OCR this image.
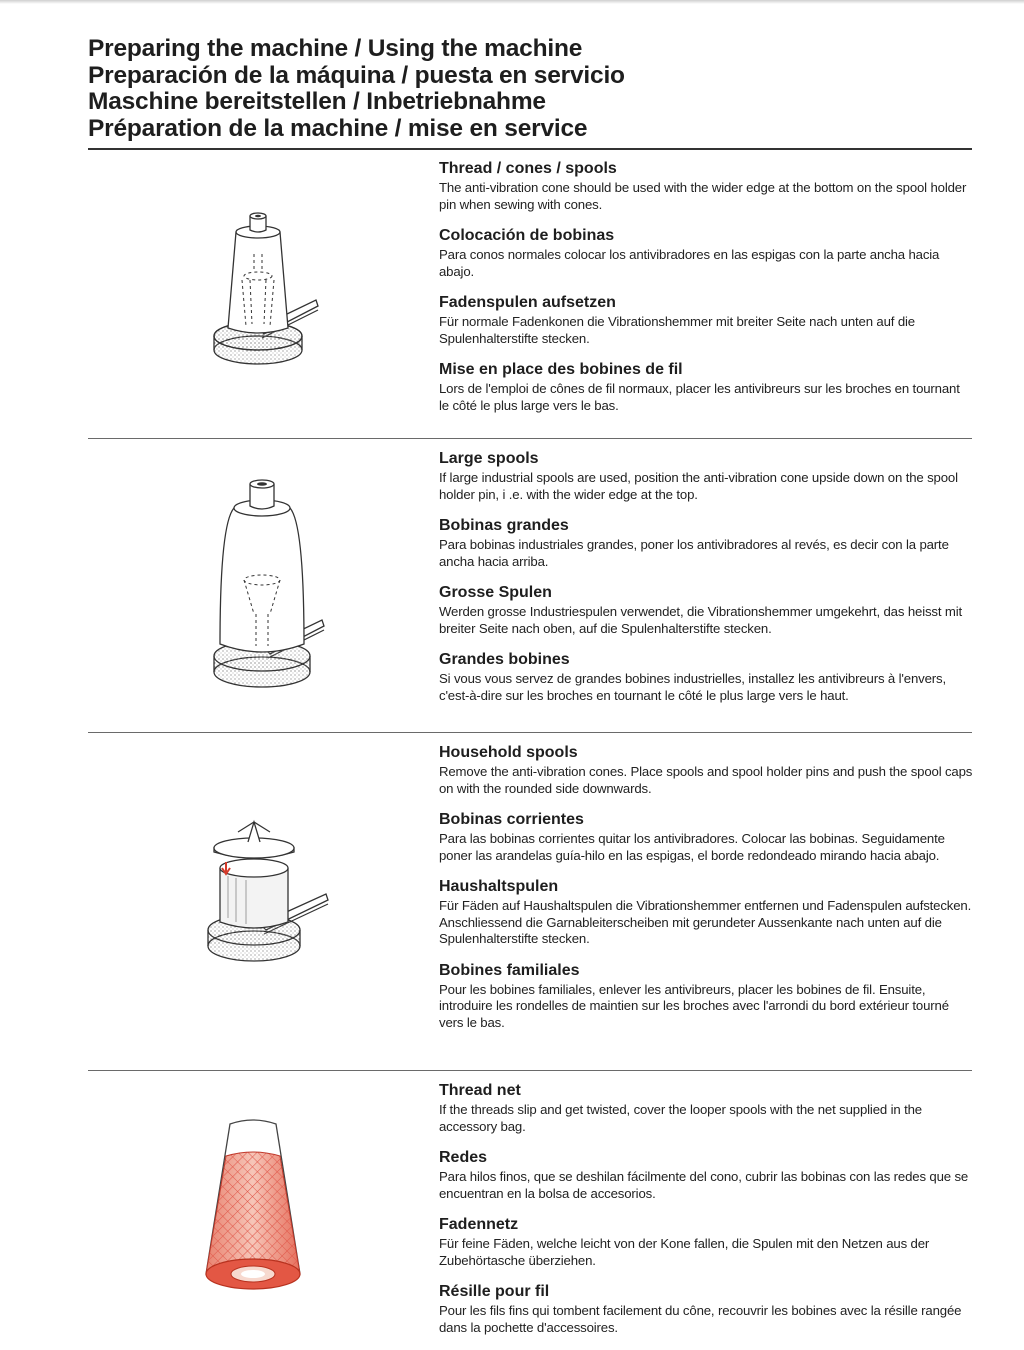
Preparing the machine / Using the machine
Preparación de la máquina / puesta en servicio
Maschine bereitstellen / Inbetriebnahme
Préparation de la machine / mise en service
Thread / cones / spools

The anti-vibration cone should be used with the wider edge at the bottom on the spool holder pin when sewing with cones.

Colocación de bobinas

Para conos normales colocar los antivibradores en las espigas con la parte ancha hacia abajo.

Fadenspulen aufsetzen

Für normale Fadenkonen die Vibrationshemmer mit breiter Seite nach unten auf die Spulenhalterstifte stecken.

Mise en place des bobines de fil

Lors de l'emploi de cônes de fil normaux, placer les antivibreurs sur les broches en tournant le côté le plus large vers le bas.

Large spools

If large industrial spools are used, position the anti-vibration cone upside down on the spool holder pin, i .e. with the wider edge at the top.

Bobinas grandes

Para bobinas industriales grandes, poner los antivibradores al revés, es decir con la parte ancha hacia arriba.

Grosse Spulen

Werden grosse Industriespulen verwendet, die Vibrationshemmer umgekehrt, das heisst mit breiter Seite nach oben, auf die Spulenhalterstifte stecken.

Grandes bobines

Si vous vous servez de grandes bobines industrielles, installez les antivibreurs à l'envers, c'est-à-dire sur les broches en tournant le côté le plus large vers le haut.

Household spools

Remove the anti-vibration cones. Place spools and spool holder pins and push the spool caps on with the rounded side downwards.

Bobinas corrientes

Para las bobinas corrientes quitar los antivibradores. Colocar las bobinas. Seguidamente poner las arandelas guía-hilo en las espigas, el borde redondeado mirando hacia abajo.

Haushaltspulen

Für Fäden auf Haushaltspulen die Vibrationshemmer entfernen und Fadenspulen aufstecken. Anschliessend die Garnableiterscheiben mit gerundeter Aussenkante nach unten auf die Spulenhalterstifte stecken.

Bobines familiales

Pour les bobines familiales, enlever les antivibreurs, placer les bobines de fil. Ensuite, introduire les rondelles de maintien sur les broches avec l'arrondi du bord extérieur tourné vers le bas.

Thread net

If the threads slip and get twisted, cover the looper spools with the net supplied in the accessory bag.

Redes

Para hilos finos, que se deshilan fácilmente del cono, cubrir las bobinas con las redes que se encuentran en la bolsa de accesorios.

Fadennetz

Für feine Fäden, welche leicht von der Kone fallen, die Spulen mit den Netzen aus der Zubehörtasche überziehen.

Résille pour fil

Pour les fils fins qui tombent facilement du cône, recouvrir les bobines avec la résille rangée dans la pochette d'accessoires.
